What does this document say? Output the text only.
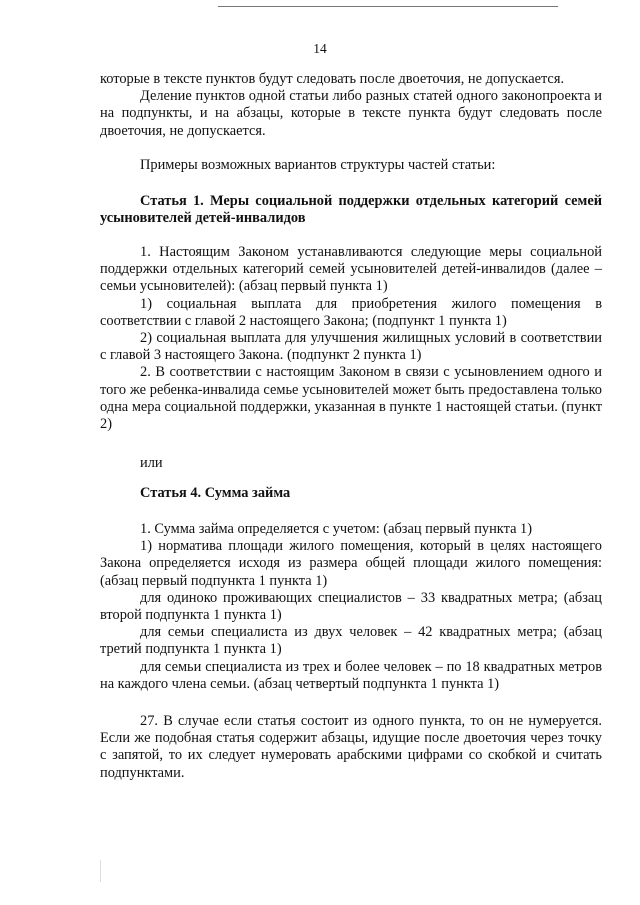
14

которые в тексте пунктов будут следовать после двоеточия, не допускается.

Деление пунктов одной статьи либо разных статей одного законопроекта и на подпункты, и на абзацы, которые в тексте пункта будут следовать после двоеточия, не допускается.

Примеры возможных вариантов структуры частей статьи:

Статья 1. Меры социальной поддержки отдельных категорий семей усыновителей детей-инвалидов

1. Настоящим Законом устанавливаются следующие меры социальной поддержки отдельных категорий семей усыновителей детей-инвалидов (далее – семьи усыновителей): (абзац первый пункта 1)

1) социальная выплата для приобретения жилого помещения в соответствии с главой 2 настоящего Закона; (подпункт 1 пункта 1)

2) социальная выплата для улучшения жилищных условий в соответствии с главой 3 настоящего Закона. (подпункт 2 пункта 1)

2. В соответствии с настоящим Законом в связи с усыновлением одного и того же ребенка-инвалида семье усыновителей может быть предоставлена только одна мера социальной поддержки, указанная в пункте 1 настоящей статьи. (пункт 2)

или

Статья 4. Сумма займа

1. Сумма займа определяется с учетом: (абзац первый пункта 1)

1) норматива площади жилого помещения, который в целях настоящего Закона определяется исходя из размера общей площади жилого помещения: (абзац первый подпункта 1 пункта 1)

для одиноко проживающих специалистов – 33 квадратных метра; (абзац второй подпункта 1 пункта 1)

для семьи специалиста из двух человек – 42 квадратных метра; (абзац третий подпункта 1 пункта 1)

для семьи специалиста из трех и более человек – по 18 квадратных метров на каждого члена семьи. (абзац четвертый подпункта 1 пункта 1)

27. В случае если статья состоит из одного пункта, то он не нумеруется. Если же подобная статья содержит абзацы, идущие после двоеточия через точку с запятой, то их следует нумеровать арабскими цифрами со скобкой и считать подпунктами.
